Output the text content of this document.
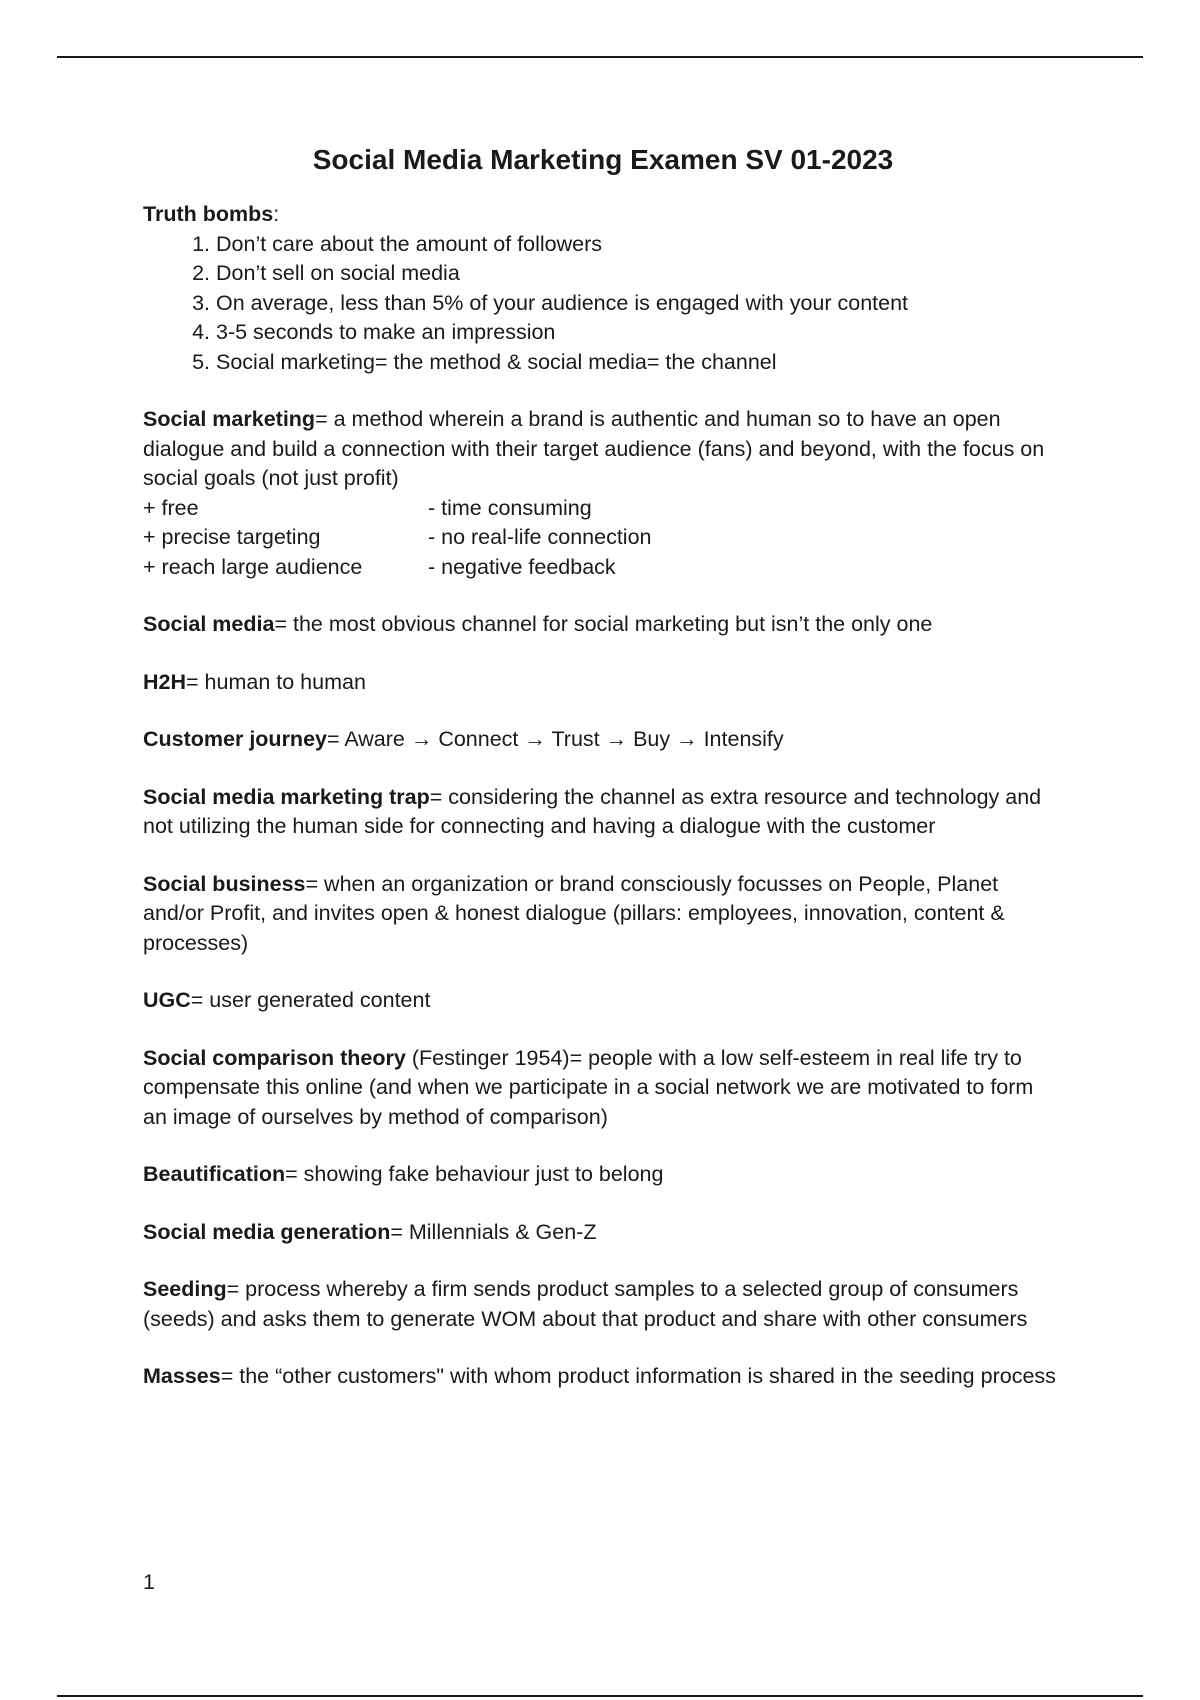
Social Media Marketing Examen SV 01-2023
Truth bombs:
1. Don’t care about the amount of followers
2. Don’t sell on social media
3. On average, less than 5% of your audience is engaged with your content
4. 3-5 seconds to make an impression
5. Social marketing= the method & social media= the channel
Social marketing= a method wherein a brand is authentic and human so to have an open dialogue and build a connection with their target audience (fans) and beyond, with the focus on social goals (not just profit)
+ free	- time consuming
+ precise targeting	- no real-life connection
+ reach large audience	- negative feedback
Social media= the most obvious channel for social marketing but isn’t the only one
H2H= human to human
Customer journey= Aware → Connect → Trust → Buy → Intensify
Social media marketing trap= considering the channel as extra resource and technology and not utilizing the human side for connecting and having a dialogue with the customer
Social business= when an organization or brand consciously focusses on People, Planet and/or Profit, and invites open & honest dialogue (pillars: employees, innovation, content & processes)
UGC= user generated content
Social comparison theory (Festinger 1954)= people with a low self-esteem in real life try to compensate this online (and when we participate in a social network we are motivated to form an image of ourselves by method of comparison)
Beautification= showing fake behaviour just to belong
Social media generation= Millennials & Gen-Z
Seeding= process whereby a firm sends product samples to a selected group of consumers (seeds) and asks them to generate WOM about that product and share with other consumers
Masses= the “other customers" with whom product information is shared in the seeding process
1
